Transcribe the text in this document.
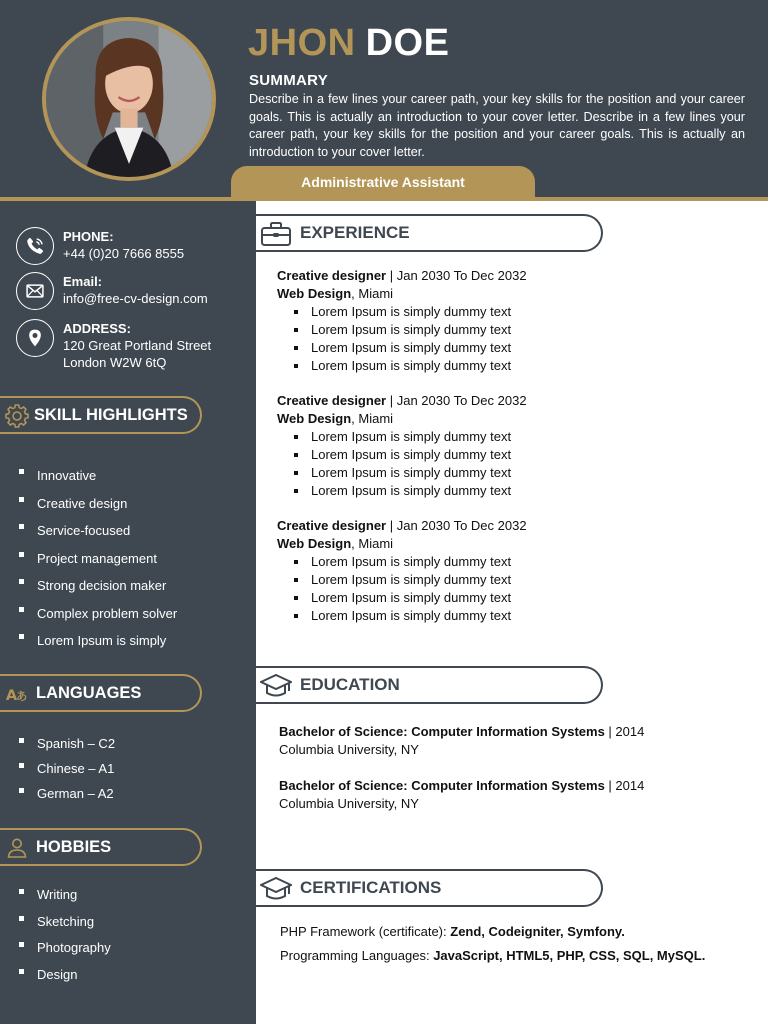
JHON DOE
SUMMARY
Describe in a few lines your career path, your key skills for the position and your career goals. This is actually an introduction to your cover letter. Describe in a few lines your career path, your key skills for the position and your career goals. This is actually an introduction to your cover letter.
Administrative Assistant
PHONE:
+44 (0)20 7666 8555
Email:
info@free-cv-design.com
ADDRESS:
120 Great Portland Street
London W2W 6tQ
SKILL HIGHLIGHTS
Innovative
Creative design
Service-focused
Project management
Strong decision maker
Complex problem solver
Lorem Ipsum is simply
A あ LANGUAGES
Spanish – C2
Chinese – A1
German – A2
HOBBIES
Writing
Sketching
Photography
Design
EXPERIENCE
Creative designer | Jan 2030 To Dec 2032
Web Design, Miami
Lorem Ipsum is simply dummy text
Lorem Ipsum is simply dummy text
Lorem Ipsum is simply dummy text
Lorem Ipsum is simply dummy text
Creative designer | Jan 2030 To Dec 2032
Web Design, Miami
Lorem Ipsum is simply dummy text
Lorem Ipsum is simply dummy text
Lorem Ipsum is simply dummy text
Lorem Ipsum is simply dummy text
Creative designer | Jan 2030 To Dec 2032
Web Design, Miami
Lorem Ipsum is simply dummy text
Lorem Ipsum is simply dummy text
Lorem Ipsum is simply dummy text
Lorem Ipsum is simply dummy text
EDUCATION
Bachelor of Science: Computer Information Systems | 2014
Columbia University, NY
Bachelor of Science: Computer Information Systems | 2014
Columbia University, NY
CERTIFICATIONS
PHP Framework (certificate): Zend, Codeigniter, Symfony.
Programming Languages: JavaScript, HTML5, PHP, CSS, SQL, MySQL.
